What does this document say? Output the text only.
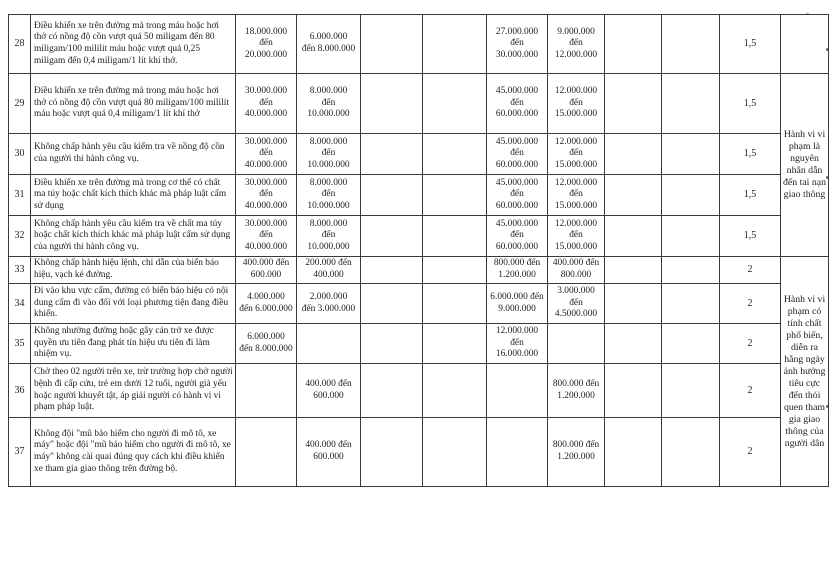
-
28	Điều khiển xe trên đường mà trong máu hoặc hơi thở có nồng độ cồn vượt quá 50 miligam đến 80 miligam/100 mililít máu hoặc vượt quá 0,25 miligam đến 0,4 miligam/1 lít khí thở.	18.000.000
đến
20.000.000	6.000.000
đến 8.000.000			27.000.000
đến
30.000.000	9.000.000
đến
12.000.000			1,5	
29	Điều khiển xe trên đường mà trong máu hoặc hơi thở có nồng độ cồn vượt quá 80 miligam/100 mililít máu hoặc vượt quá 0,4 miligam/1 lít khí thở	30.000.000
đến
40.000.000	8.000.000
đến
10.000.000			45.000.000
đến
60.000.000	12.000.000
đến
15.000.000			1,5	Hành vi vi phạm là nguyên nhân dẫn đến tai nạn giao thông
30	Không chấp hành yêu cầu kiểm tra về nồng độ cồn của người thi hành công vụ.	30.000.000
đến
40.000.000	8.000.000
đến
10.000.000			45.000.000
đến
60.000.000	12.000.000
đến
15.000.000			1,5	
31	Điều khiển xe trên đường mà trong cơ thể có chất ma túy hoặc chất kích thích khác mà pháp luật cấm sử dụng	30.000.000
đến
40.000.000	8.000.000
đến
10.000.000			45.000.000
đến
60.000.000	12.000.000
đến
15.000.000			1,5	
32	Không chấp hành yêu cầu kiểm tra về chất ma túy hoặc chất kích thích khác mà pháp luật cấm sử dụng của người thi hành công vụ.	30.000.000
đến
40.000.000	8.000.000
đến
10.000.000			45.000.000
đến
60.000.000	12.000.000
đến
15.000.000			1,5	
33	Không chấp hành hiệu lệnh, chỉ dẫn của biển báo hiệu, vạch kẻ đường.	400.000 đến
600.000	200.000 đến
400.000			800.000 đến
1.200.000	400.000 đến
800.000			2	Hành vi vi phạm có tính chất phổ biến, diễn ra hằng ngày ảnh hưởng tiêu cực đến thói quen tham gia giao thông của người dân
34	Đi vào khu vực cấm, đường có biển báo hiệu có nội dung cấm đi vào đối với loại phương tiện đang điều khiển.	4.000.000
đến 6.000.000	2.000.000
đến 3.000.000			6.000.000 đến
9.000.000	3.000.000
đến
4.5000.000			2	
35	Không nhường đường hoặc gây cản trở xe được quyền ưu tiên đang phát tín hiệu ưu tiên đi làm nhiệm vụ.	6.000.000
đến 8.000.000				12.000.000
đến
16.000.000				2	
36	Chở theo 02 người trên xe, trừ trường hợp chở người bệnh đi cấp cứu, trẻ em dưới 12 tuổi, người già yếu hoặc người khuyết tật, áp giải người có hành vi vi phạm pháp luật.		400.000 đến
600.000				800.000 đến
1.200.000			2	
37	Không đội "mũ bảo hiểm cho người đi mô tô, xe máy" hoặc đội "mũ bảo hiểm cho người đi mô tô, xe máy" không cài quai đúng quy cách khi điều khiển xe tham gia giao thông trên đường bộ.		400.000 đến
600.000				800.000 đến
1.200.000			2	
